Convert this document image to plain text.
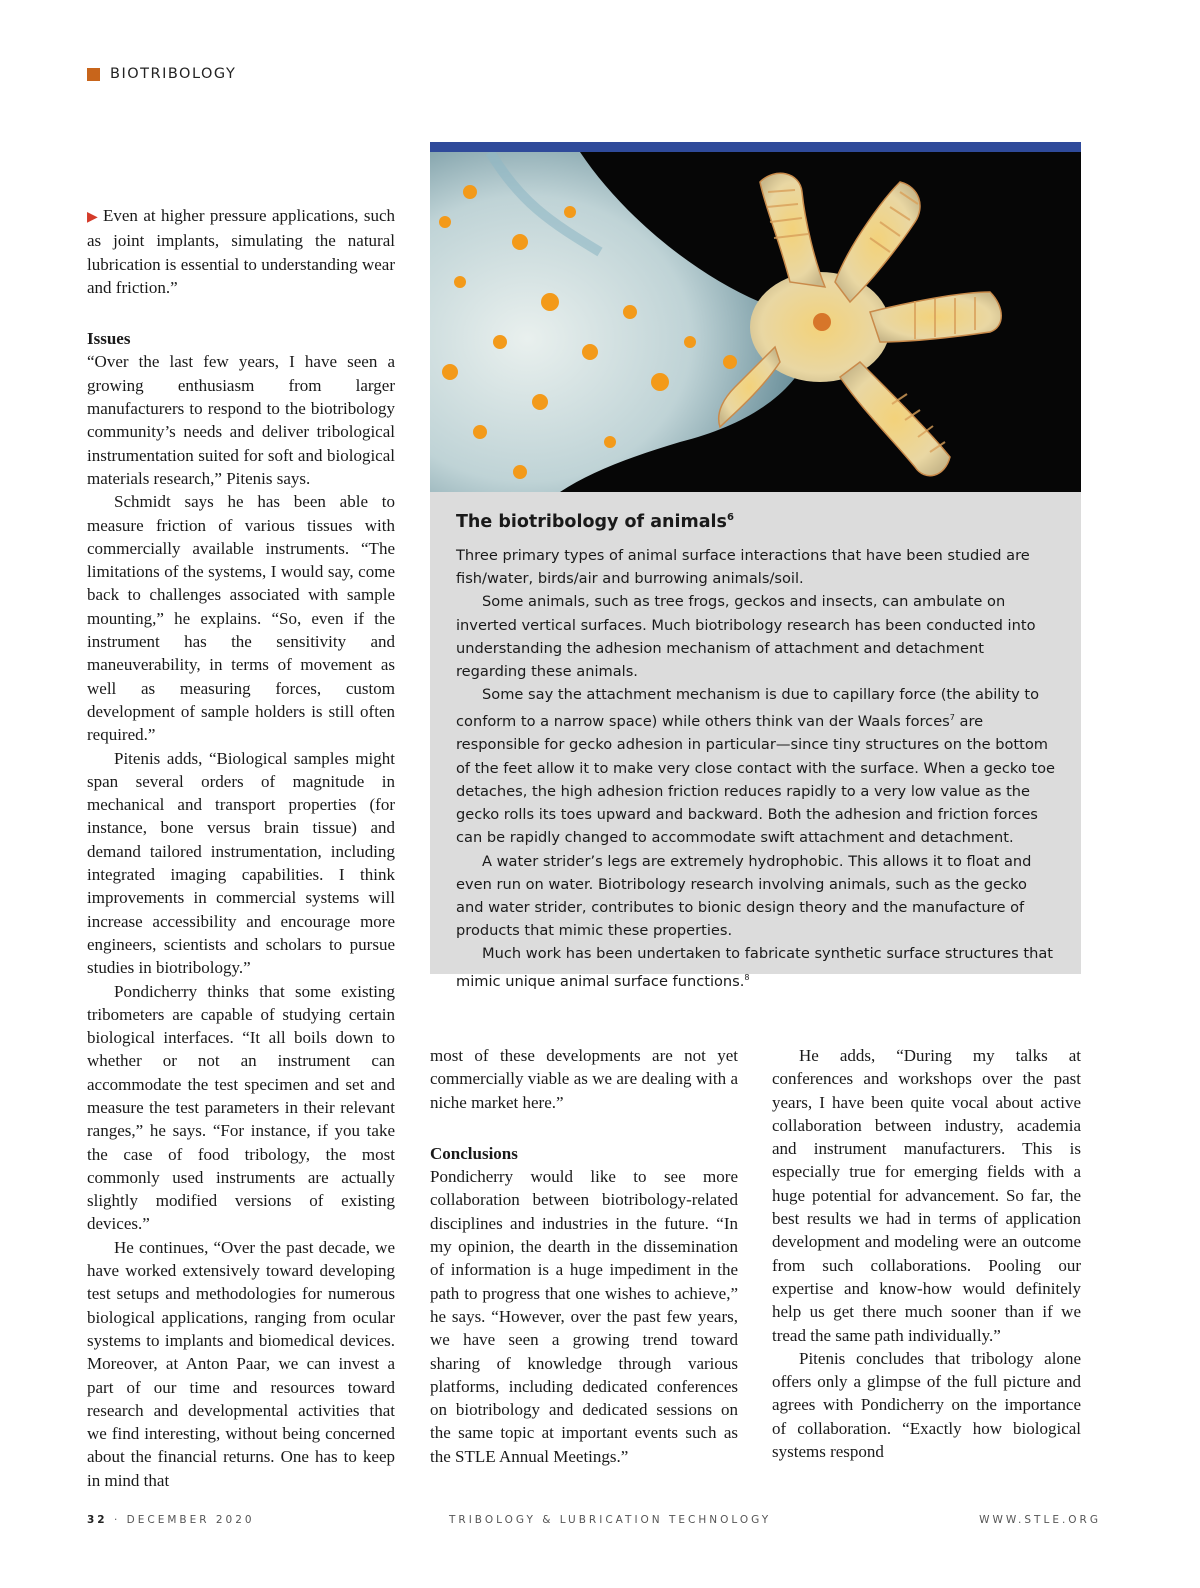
BIOTRIBOLOGY

▶ Even at higher pressure applications, such as joint implants, simulating the natural lubrication is essential to understanding wear and friction.”

Issues

“Over the last few years, I have seen a growing enthusiasm from larger manufacturers to respond to the biotribology community’s needs and deliver tribological instrumentation suited for soft and biological materials research,” Pitenis says.

Schmidt says he has been able to measure friction of various tissues with commercially available instruments. “The limitations of the systems, I would say, come back to challenges associated with sample mounting,” he explains. “So, even if the instrument has the sensitivity and maneuverability, in terms of movement as well as measuring forces, custom development of sample holders is still often required.”

Pitenis adds, “Biological samples might span several orders of magnitude in mechanical and transport properties (for instance, bone versus brain tissue) and demand tailored instrumentation, including integrated imaging capabilities. I think improvements in commercial systems will increase accessibility and encourage more engineers, scientists and scholars to pursue studies in biotribology.”

Pondicherry thinks that some existing tribometers are capable of studying certain biological interfaces. “It all boils down to whether or not an instrument can accommodate the test specimen and set and measure the test parameters in their relevant ranges,” he says. “For instance, if you take the case of food tribology, the most commonly used instruments are actually slightly modified versions of existing devices.”

He continues, “Over the past decade, we have worked extensively toward developing test setups and methodologies for numerous biological applications, ranging from ocular systems to implants and biomedical devices. Moreover, at Anton Paar, we can invest a part of our time and resources toward research and developmental activities that we find interesting, without being concerned about the financial returns. One has to keep in mind that

The biotribology of animals$^6$

Three primary types of animal surface interactions that have been studied are fish/water, birds/air and burrowing animals/soil.

Some animals, such as tree frogs, geckos and insects, can ambulate on inverted vertical surfaces. Much biotribology research has been conducted into understanding the adhesion mechanism of attachment and detachment regarding these animals.

Some say the attachment mechanism is due to capillary force (the ability to conform to a narrow space) while others think van der Waals forces$^7$ are responsible for gecko adhesion in particular—since tiny structures on the bottom of the feet allow it to make very close contact with the surface. When a gecko toe detaches, the high adhesion friction reduces rapidly to a very low value as the gecko rolls its toes upward and backward. Both the adhesion and friction forces can be rapidly changed to accommodate swift attachment and detachment.

A water strider’s legs are extremely hydrophobic. This allows it to float and even run on water. Biotribology research involving animals, such as the gecko and water strider, contributes to bionic design theory and the manufacture of products that mimic these properties.

Much work has been undertaken to fabricate synthetic surface structures that mimic unique animal surface functions.$^8$

most of these developments are not yet commercially viable as we are dealing with a niche market here.”

Conclusions

Pondicherry would like to see more collaboration between biotribology-related disciplines and industries in the future. “In my opinion, the dearth in the dissemination of information is a huge impediment in the path to progress that one wishes to achieve,” he says. “However, over the past few years, we have seen a growing trend toward sharing of knowledge through various platforms, including dedicated conferences on biotribology and dedicated sessions on the same topic at important events such as the STLE Annual Meetings.”

He adds, “During my talks at conferences and workshops over the past years, I have been quite vocal about active collaboration between industry, academia and instrument manufacturers. This is especially true for emerging fields with a huge potential for advancement. So far, the best results we had in terms of application development and modeling were an outcome from such collaborations. Pooling our expertise and know-how would definitely help us get there much sooner than if we tread the same path individually.”

Pitenis concludes that tribology alone offers only a glimpse of the full picture and agrees with Pondicherry on the importance of collaboration. “Exactly how biological systems respond

32 · DECEMBER 2020	TRIBOLOGY & LUBRICATION TECHNOLOGY	WWW.STLE.ORG
